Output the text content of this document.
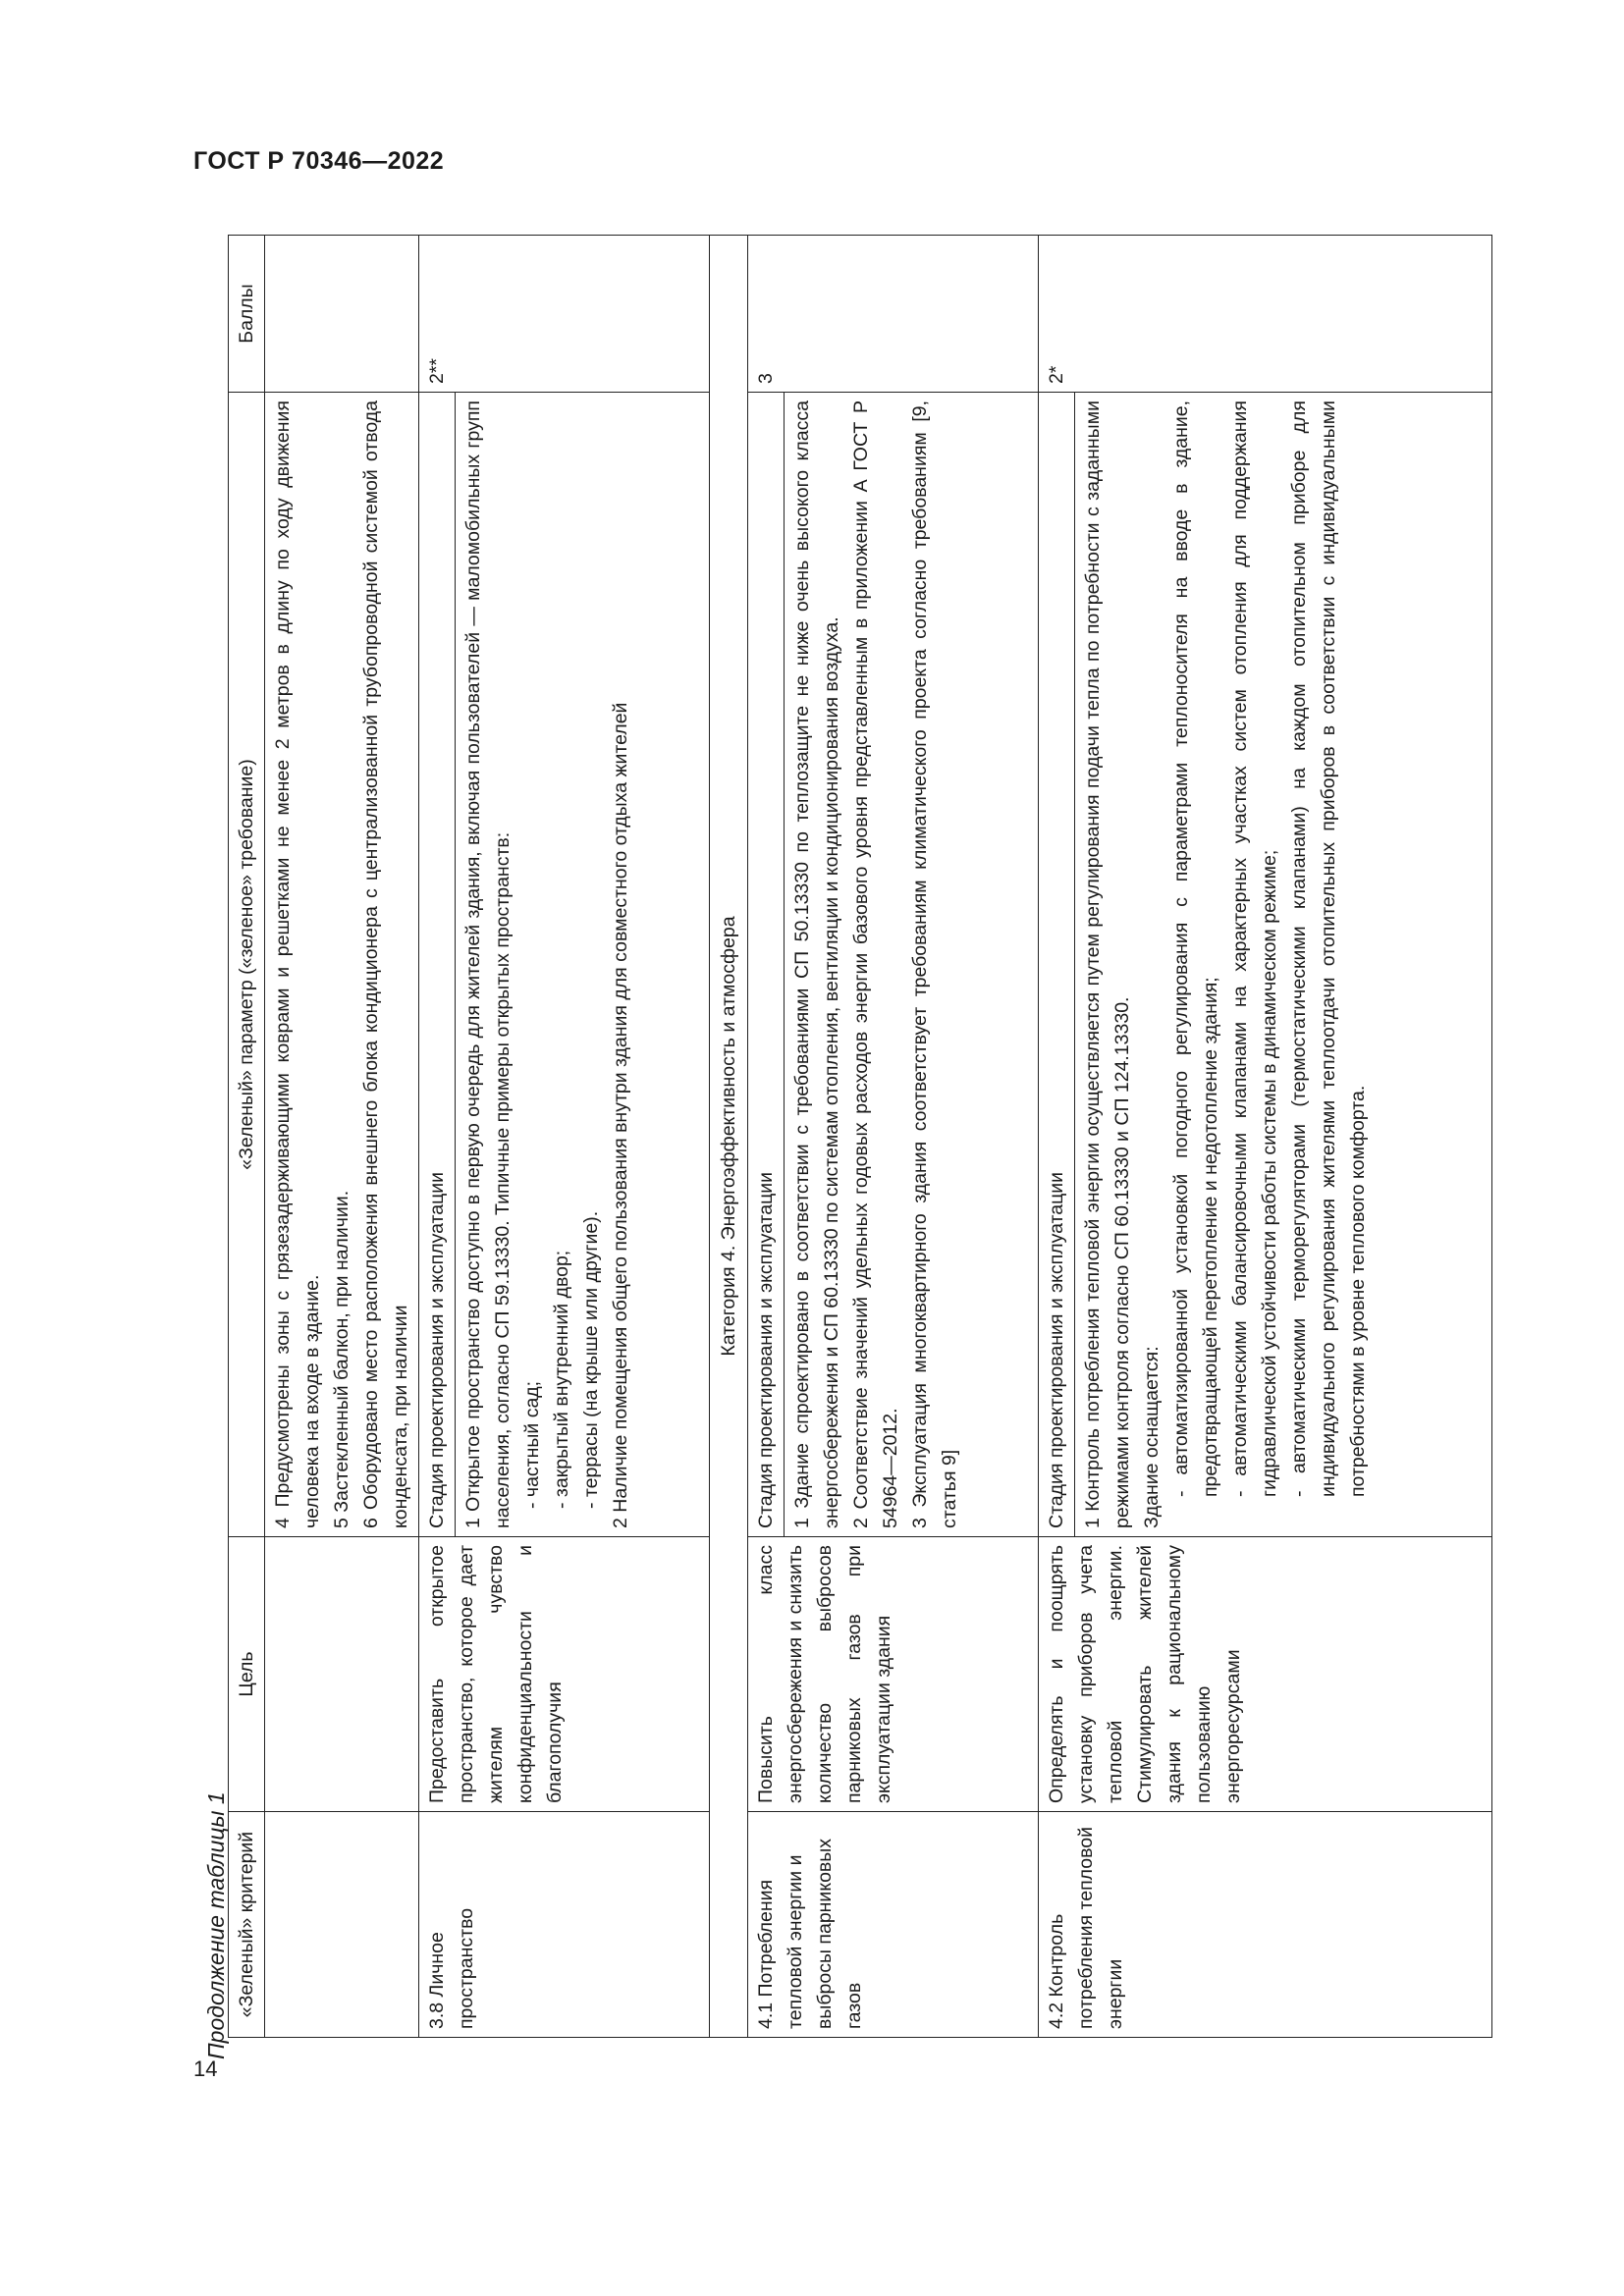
ГОСТ Р 70346—2022
14
Продолжение таблицы 1 «Зеленый» критерий	Цель	«Зеленый» параметр («зеленое» требование)	Баллы

		4 Предусмотрены зоны с грязезадерживающими коврами и решетками не менее 2 метров в длину по ходу движения человека на входе в здание. 5 Застекленный балкон, при наличии. 6 Оборудовано место расположения внешнего блока кондиционера с централизованной трубопроводной системой отвода конденсата, при наличии	

3.8 Личное пространство	Предоставить открытое пространство, которое дает жителям чувство конфиденциальности и благополучия	Стадия проектирования и эксплуатации	2**

		1 Открытое пространство доступно в первую очередь для жителей здания, включая пользователей — маломобильных групп населения, согласно СП 59.13330. Типичные примеры открытых пространств: - частный сад; - закрытый внутренний двор; - террасы (на крыше или другие). 2 Наличие помещения общего пользования внутри здания для совместного отдыха жителей	

Категория 4. Энергоэффективность и атмосфера			
4.1 Потребления тепловой энергии и выбросы парниковых газов	Повысить класс энергосбережения и снизить количество выбросов парниковых газов при эксплуатации здания	Стадия проектирования и эксплуатации	3

		1 Здание спроектировано в соответствии с требованиями СП 50.13330 по теплозащите не ниже очень высокого класса энергосбережения и СП 60.13330 по системам отопления, вентиляции и кондиционирования воздуха. 2 Соответствие значений удельных годовых расходов энергии базового уровня представленным в приложении А ГОСТ Р 54964—2012. 3 Эксплуатация многоквартирного здания соответствует требованиям климатического проекта согласно требованиям [9, статья 9]	

4.2 Контроль потребления тепловой энергии	Определять и поощрять установку приборов учета тепловой энергии. Стимулировать жителей здания к рациональному пользованию энергоресурсами	Стадия проектирования и эксплуатации	2*

		1 Контроль потребления тепловой энергии осуществляется путем регулирования подачи тепла по потребности с заданными режимами контроля согласно СП 60.13330 и СП 124.13330. Здание оснащается: - автоматизированной установкой погодного регулирования с параметрами теплоносителя на вводе в здание, предотвращающей перетопление и недотопление здания; - автоматическими балансировочными клапанами на характерных участках систем отопления для поддержания гидравлической устойчивости работы системы в динамическом режиме; - автоматическими терморегуляторами (термостатическими клапанами) на каждом отопительном приборе для индивидуального регулирования жителями теплоотдачи отопительных приборов в соответствии с индивидуальными потребностями в уровне теплового комфорта.	
